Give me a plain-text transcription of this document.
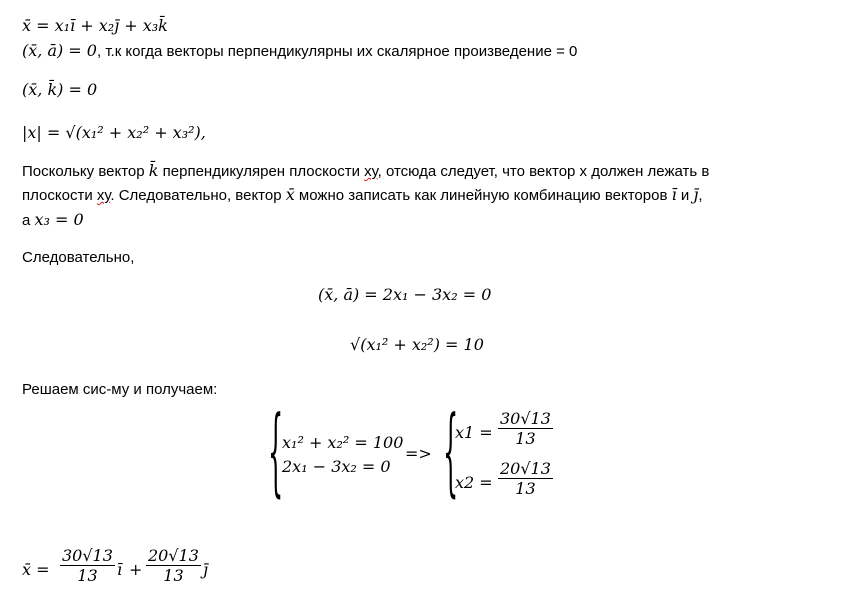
x̄ = x₁ī + x₂ȷ̄ + x₃k̄
(x̄, ā) = 0, т.к когда векторы перпендикулярны их скалярное произведение = 0
(x̄, k̄) = 0
|x| = √(x₁² + x₂² + x₃²),
Поскольку вектор k̄ перпендикулярен плоскости ху, отсюда следует, что вектор х должен лежать в
плоскости ху. Следовательно, вектор x̄ можно записать как линейную комбинацию векторов ī и ȷ̄,
а x₃ = 0
Следовательно,
(x̄, ā) = 2x₁ − 3x₂ = 0
√(x₁² + x₂²) = 10
Решаем сис-му и получаем:
{
x₁² + x₂² = 100
2x₁ − 3x₂ = 0
=> {
$x1 = \frac{30√13}{13}$
$x2 = \frac{20√13}{13}$
x̄ = $\frac{30√13}{13}$ ī + $\frac{20√13}{13}$ ȷ̄
